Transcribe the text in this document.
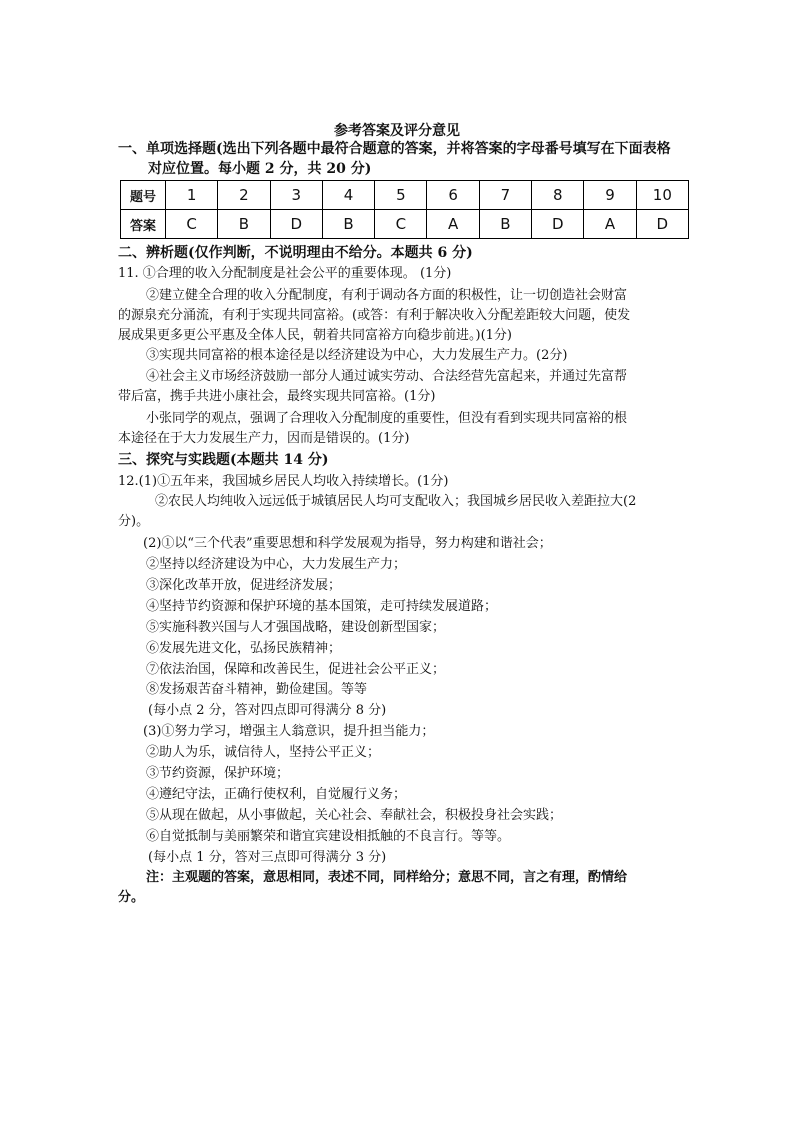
参考答案及评分意见
一、单项选择题(选出下列各题中最符合题意的答案，并将答案的字母番号填写在下面表格
对应位置。每小题 2 分，共 20 分)
题号	1	2	3	4	5	6	7	8	9	10
答案	C	B	D	B	C	A	B	D	A	D
二、辨析题(仅作判断，不说明理由不给分。本题共 6 分)
11. ①合理的收入分配制度是社会公平的重要体现。 (1分)
②建立健全合理的收入分配制度，有利于调动各方面的积极性，让一切创造社会财富
的源泉充分涌流，有利于实现共同富裕。(或答：有利于解决收入分配差距较大问题，使发
展成果更多更公平惠及全体人民，朝着共同富裕方向稳步前进。)(1分)
③实现共同富裕的根本途径是以经济建设为中心，大力发展生产力。(2分)
④社会主义市场经济鼓励一部分人通过诚实劳动、合法经营先富起来，并通过先富帮
带后富，携手共进小康社会，最终实现共同富裕。(1分)
小张同学的观点，强调了合理收入分配制度的重要性，但没有看到实现共同富裕的根
本途径在于大力发展生产力，因而是错误的。(1分)
三、探究与实践题(本题共 14 分)
12.(1)①五年来，我国城乡居民人均收入持续增长。(1分)
②农民人均纯收入远远低于城镇居民人均可支配收入；我国城乡居民收入差距拉大(2
分)。
(2)①以“三个代表”重要思想和科学发展观为指导，努力构建和谐社会；
②坚持以经济建设为中心，大力发展生产力；
③深化改革开放，促进经济发展；
④坚持节约资源和保护环境的基本国策，走可持续发展道路；
⑤实施科教兴国与人才强国战略，建设创新型国家；
⑥发展先进文化，弘扬民族精神；
⑦依法治国，保障和改善民生，促进社会公平正义；
⑧发扬艰苦奋斗精神，勤俭建国。等等
(每小点 2 分，答对四点即可得满分 8 分)
(3)①努力学习，增强主人翁意识，提升担当能力；
②助人为乐，诚信待人，坚持公平正义；
③节约资源，保护环境；
④遵纪守法，正确行使权利，自觉履行义务；
⑤从现在做起，从小事做起，关心社会、奉献社会，积极投身社会实践；
⑥自觉抵制与美丽繁荣和谐宜宾建设相抵触的不良言行。等等。
(每小点 1 分，答对三点即可得满分 3 分)
注：主观题的答案，意思相同，表述不同，同样给分；意思不同，言之有理，酌情给
分。
